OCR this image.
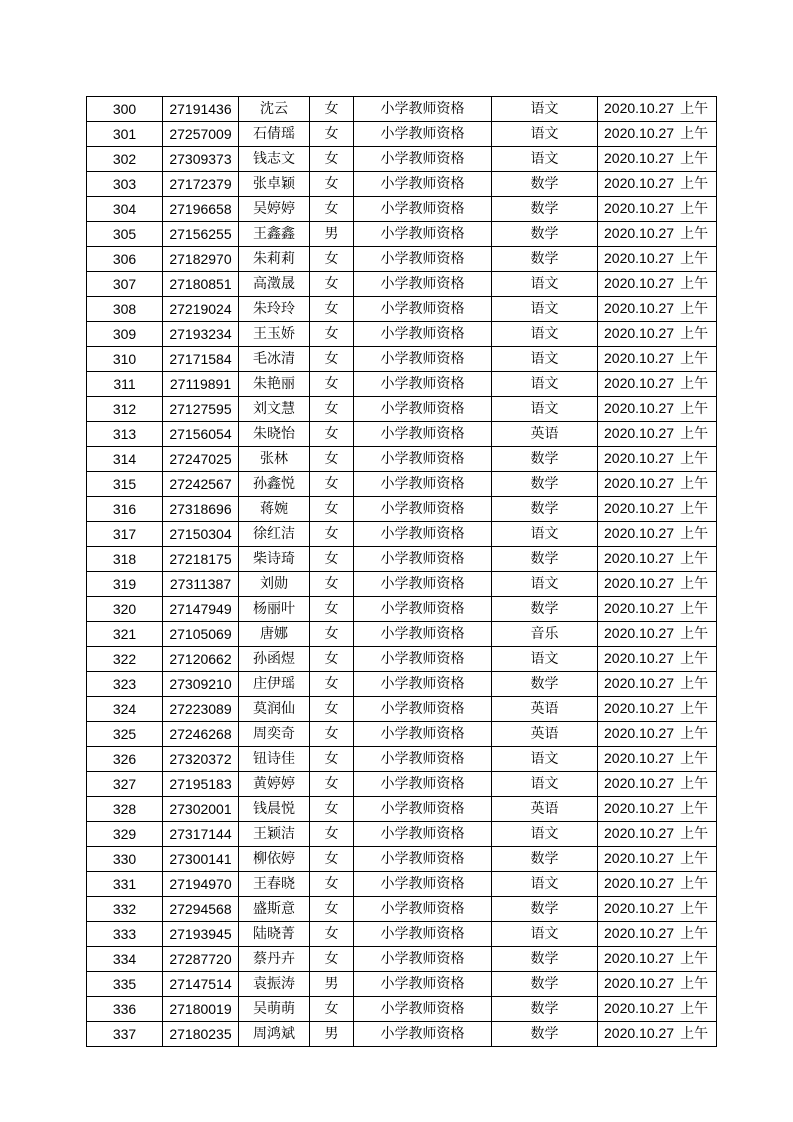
300	27191436	沈云	女	小学教师资格	语文	2020.10.27 上午
301	27257009	石倩瑶	女	小学教师资格	语文	2020.10.27 上午
302	27309373	钱志文	女	小学教师资格	语文	2020.10.27 上午
303	27172379	张卓颖	女	小学教师资格	数学	2020.10.27 上午
304	27196658	吴婷婷	女	小学教师资格	数学	2020.10.27 上午
305	27156255	王鑫鑫	男	小学教师资格	数学	2020.10.27 上午
306	27182970	朱莉莉	女	小学教师资格	数学	2020.10.27 上午
307	27180851	高澂晟	女	小学教师资格	语文	2020.10.27 上午
308	27219024	朱玲玲	女	小学教师资格	语文	2020.10.27 上午
309	27193234	王玉娇	女	小学教师资格	语文	2020.10.27 上午
310	27171584	毛冰清	女	小学教师资格	语文	2020.10.27 上午
311	27119891	朱艳丽	女	小学教师资格	语文	2020.10.27 上午
312	27127595	刘文慧	女	小学教师资格	语文	2020.10.27 上午
313	27156054	朱晓怡	女	小学教师资格	英语	2020.10.27 上午
314	27247025	张林	女	小学教师资格	数学	2020.10.27 上午
315	27242567	孙鑫悦	女	小学教师资格	数学	2020.10.27 上午
316	27318696	蒋婉	女	小学教师资格	数学	2020.10.27 上午
317	27150304	徐红洁	女	小学教师资格	语文	2020.10.27 上午
318	27218175	柴诗琦	女	小学教师资格	数学	2020.10.27 上午
319	27311387	刘勋	女	小学教师资格	语文	2020.10.27 上午
320	27147949	杨丽叶	女	小学教师资格	数学	2020.10.27 上午
321	27105069	唐娜	女	小学教师资格	音乐	2020.10.27 上午
322	27120662	孙函煜	女	小学教师资格	语文	2020.10.27 上午
323	27309210	庄伊瑶	女	小学教师资格	数学	2020.10.27 上午
324	27223089	莫润仙	女	小学教师资格	英语	2020.10.27 上午
325	27246268	周奕奇	女	小学教师资格	英语	2020.10.27 上午
326	27320372	钮诗佳	女	小学教师资格	语文	2020.10.27 上午
327	27195183	黄婷婷	女	小学教师资格	语文	2020.10.27 上午
328	27302001	钱晨悦	女	小学教师资格	英语	2020.10.27 上午
329	27317144	王颖洁	女	小学教师资格	语文	2020.10.27 上午
330	27300141	柳依婷	女	小学教师资格	数学	2020.10.27 上午
331	27194970	王春晓	女	小学教师资格	语文	2020.10.27 上午
332	27294568	盛斯意	女	小学教师资格	数学	2020.10.27 上午
333	27193945	陆晓菁	女	小学教师资格	语文	2020.10.27 上午
334	27287720	蔡丹卉	女	小学教师资格	数学	2020.10.27 上午
335	27147514	袁振涛	男	小学教师资格	数学	2020.10.27 上午
336	27180019	吴萌萌	女	小学教师资格	数学	2020.10.27 上午
337	27180235	周鸿斌	男	小学教师资格	数学	2020.10.27 上午
